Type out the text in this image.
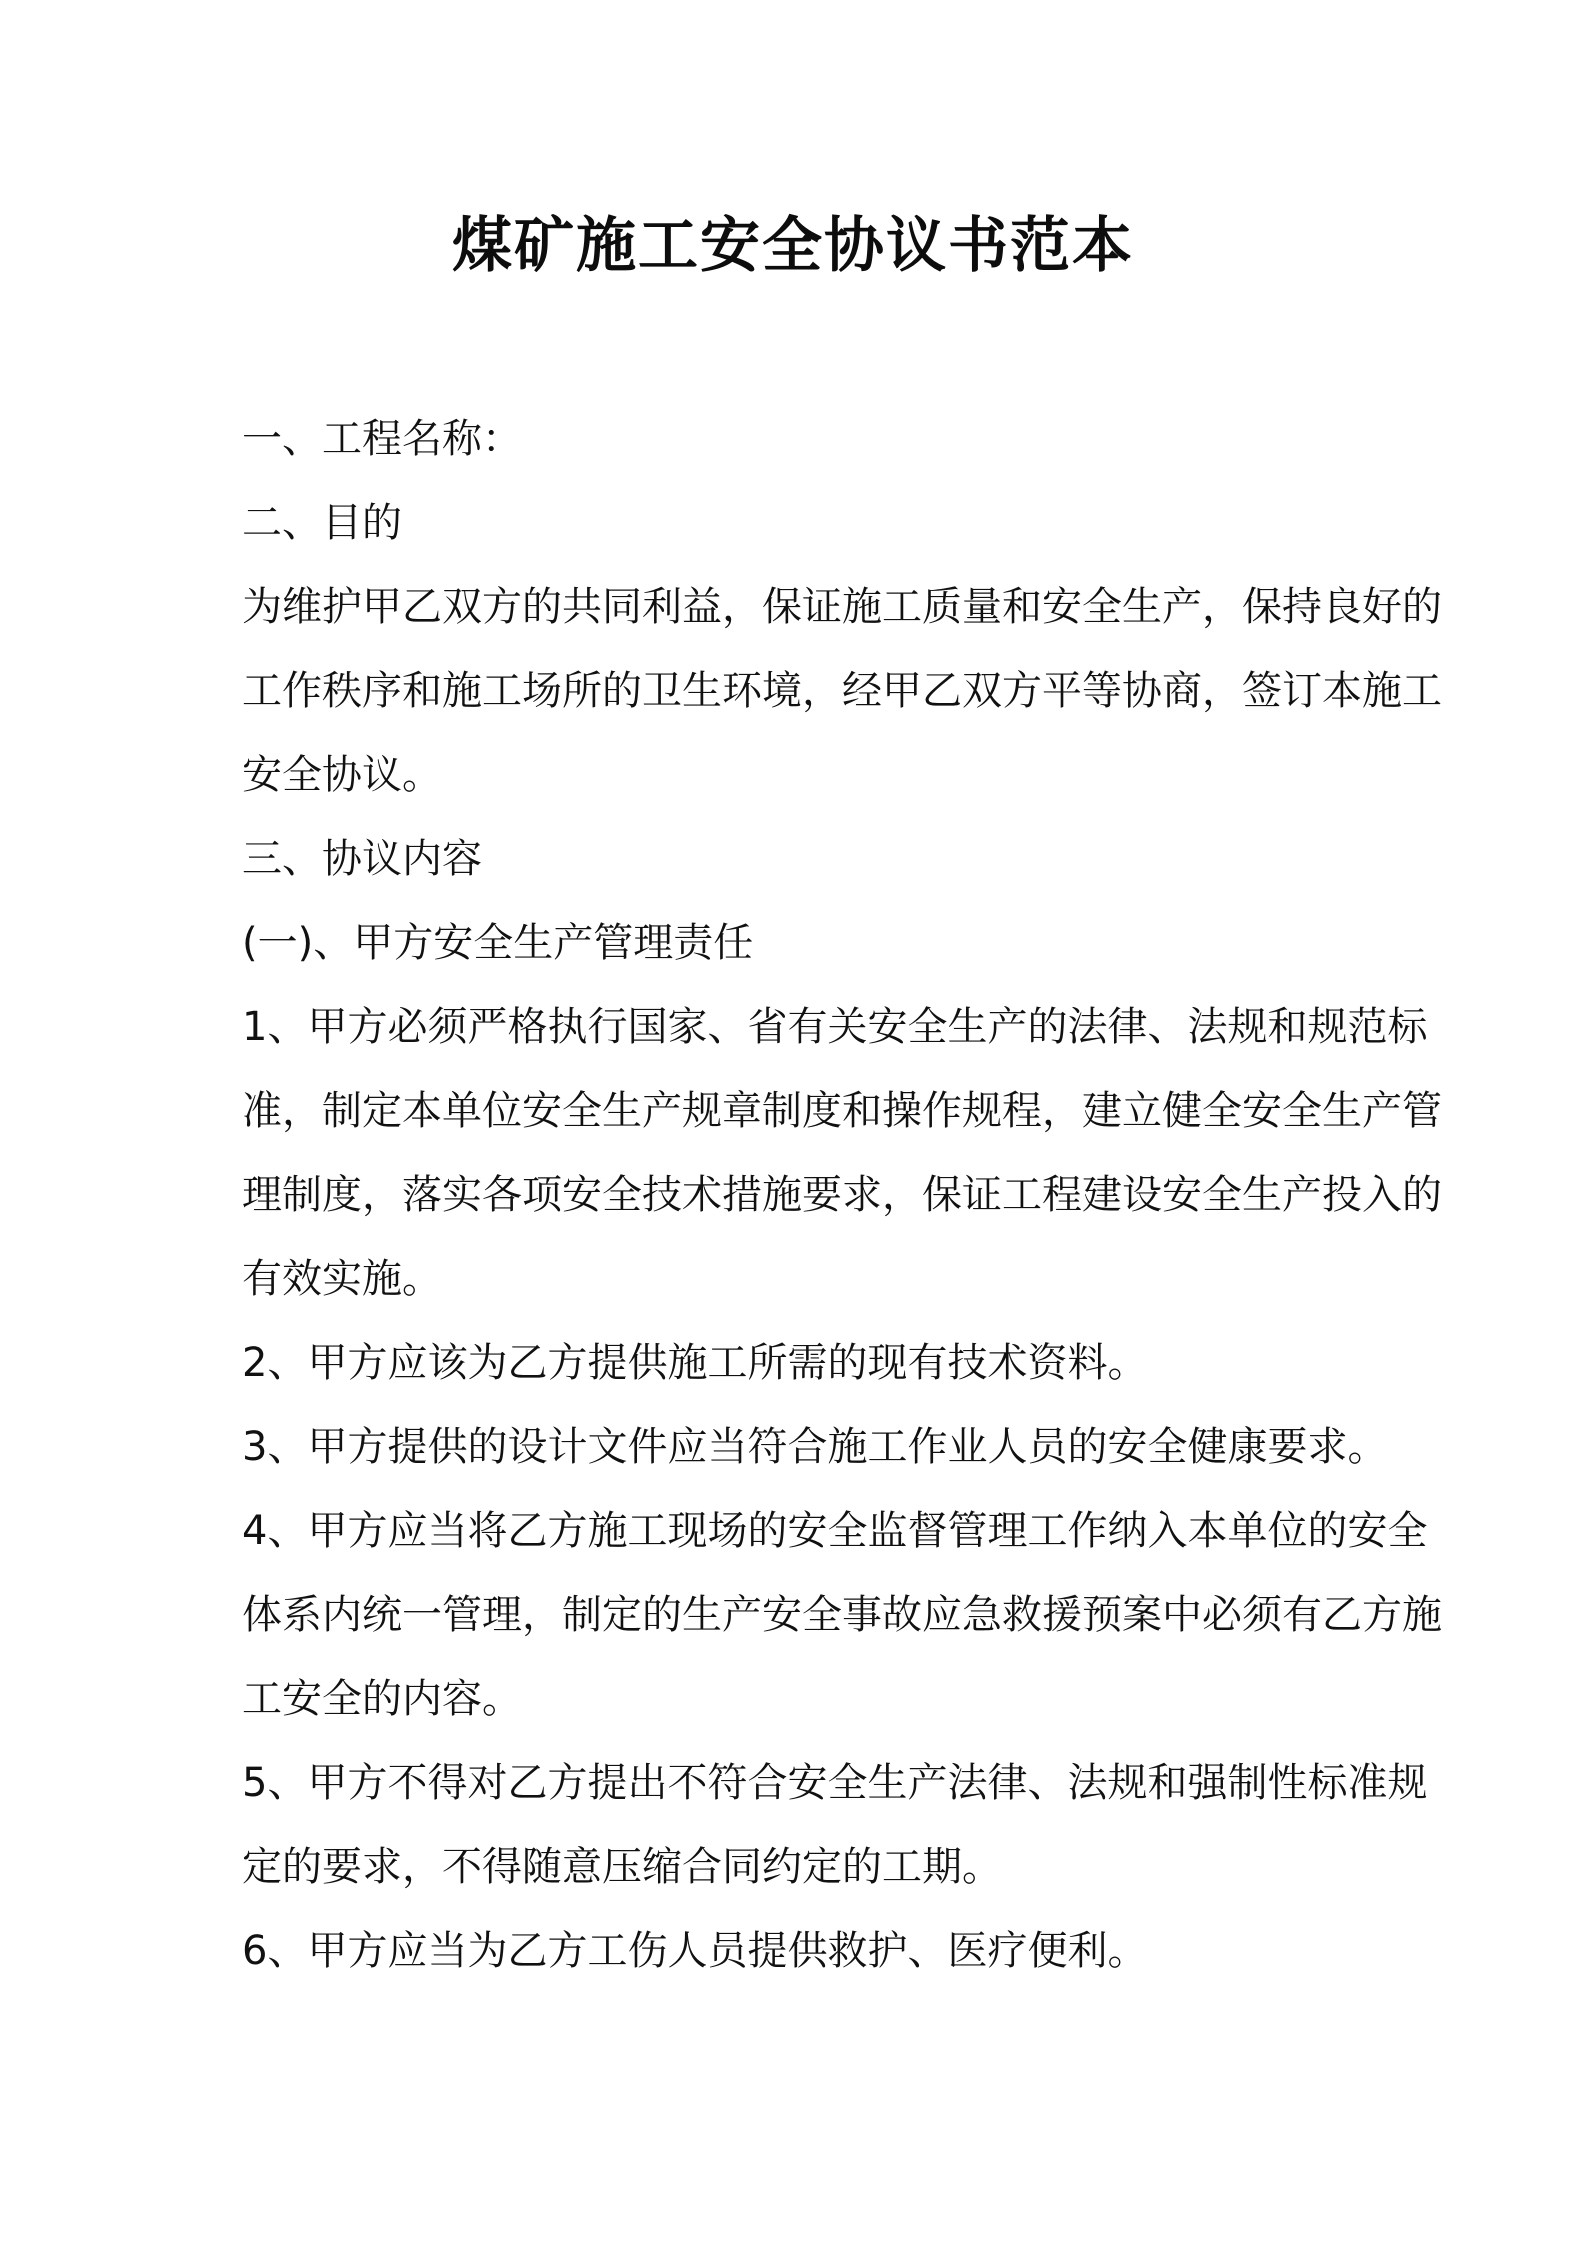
煤矿施工安全协议书范本
一、工程名称：
二、目的
为维护甲乙双方的共同利益，保证施工质量和安全生产，保持良好的
工作秩序和施工场所的卫生环境，经甲乙双方平等协商，签订本施工
安全协议。
三、协议内容
(一)、甲方安全生产管理责任
1、甲方必须严格执行国家、省有关安全生产的法律、法规和规范标
准，制定本单位安全生产规章制度和操作规程，建立健全安全生产管
理制度，落实各项安全技术措施要求，保证工程建设安全生产投入的
有效实施。
2、甲方应该为乙方提供施工所需的现有技术资料。
3、甲方提供的设计文件应当符合施工作业人员的安全健康要求。
4、甲方应当将乙方施工现场的安全监督管理工作纳入本单位的安全
体系内统一管理，制定的生产安全事故应急救援预案中必须有乙方施
工安全的内容。
5、甲方不得对乙方提出不符合安全生产法律、法规和强制性标准规
定的要求，不得随意压缩合同约定的工期。
6、甲方应当为乙方工伤人员提供救护、医疗便利。
